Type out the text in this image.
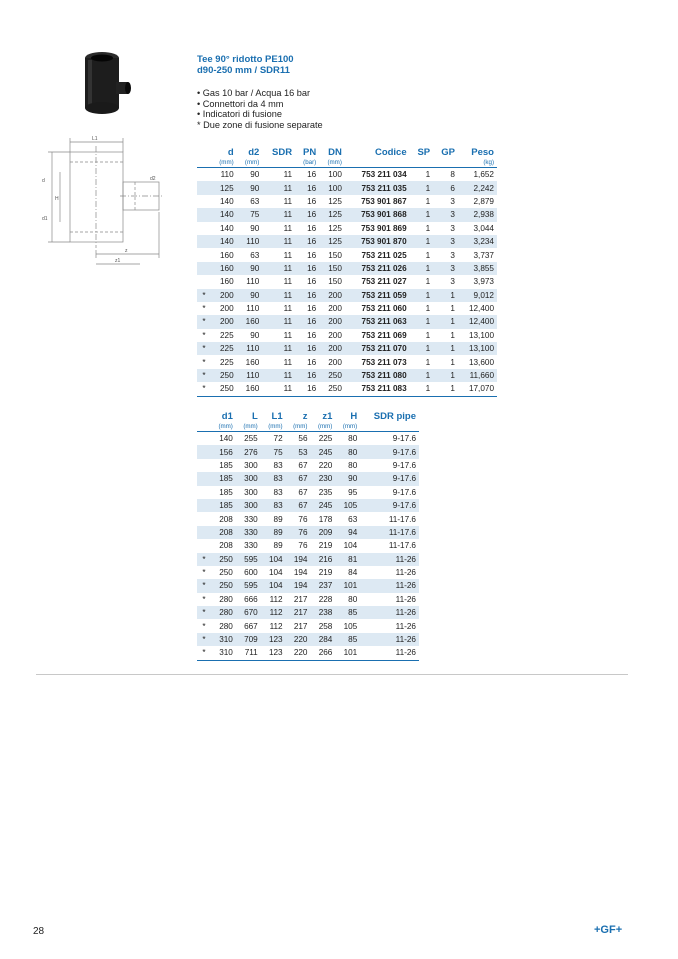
L1
d
H
d1
z
z1
d2
Tee 90° ridotto PE100
d90-250 mm / SDR11
• Gas 10 bar / Acqua 16 bar
• Connettori da 4 mm
• Indicatori di fusione
* Due zone di fusione separate
	d	d2	SDR	PN	DN	Codice	SP	GP	Peso
	(mm)	(mm)		(bar)	(mm)				(kg)
	110	90	11	16	100	753 211 034	1	8	1,652
	125	90	11	16	100	753 211 035	1	6	2,242
	140	63	11	16	125	753 901 867	1	3	2,879
	140	75	11	16	125	753 901 868	1	3	2,938
	140	90	11	16	125	753 901 869	1	3	3,044
	140	110	11	16	125	753 901 870	1	3	3,234
	160	63	11	16	150	753 211 025	1	3	3,737
	160	90	11	16	150	753 211 026	1	3	3,855
	160	110	11	16	150	753 211 027	1	3	3,973
*	200	90	11	16	200	753 211 059	1	1	9,012
*	200	110	11	16	200	753 211 060	1	1	12,400
*	200	160	11	16	200	753 211 063	1	1	12,400
*	225	90	11	16	200	753 211 069	1	1	13,100
*	225	110	11	16	200	753 211 070	1	1	13,100
*	225	160	11	16	200	753 211 073	1	1	13,600
*	250	110	11	16	250	753 211 080	1	1	11,660
*	250	160	11	16	250	753 211 083	1	1	17,070
	d1	L	L1	z	z1	H	SDR pipe
	(mm)	(mm)	(mm)	(mm)	(mm)	(mm)	
	140	255	72	56	225	80	9-17.6
	156	276	75	53	245	80	9-17.6
	185	300	83	67	220	80	9-17.6
	185	300	83	67	230	90	9-17.6
	185	300	83	67	235	95	9-17.6
	185	300	83	67	245	105	9-17.6
	208	330	89	76	178	63	11-17.6
	208	330	89	76	209	94	11-17.6
	208	330	89	76	219	104	11-17.6
*	250	595	104	194	216	81	11-26
*	250	600	104	194	219	84	11-26
*	250	595	104	194	237	101	11-26
*	280	666	112	217	228	80	11-26
*	280	670	112	217	238	85	11-26
*	280	667	112	217	258	105	11-26
*	310	709	123	220	284	85	11-26
*	310	711	123	220	266	101	11-26
28	+GF+
